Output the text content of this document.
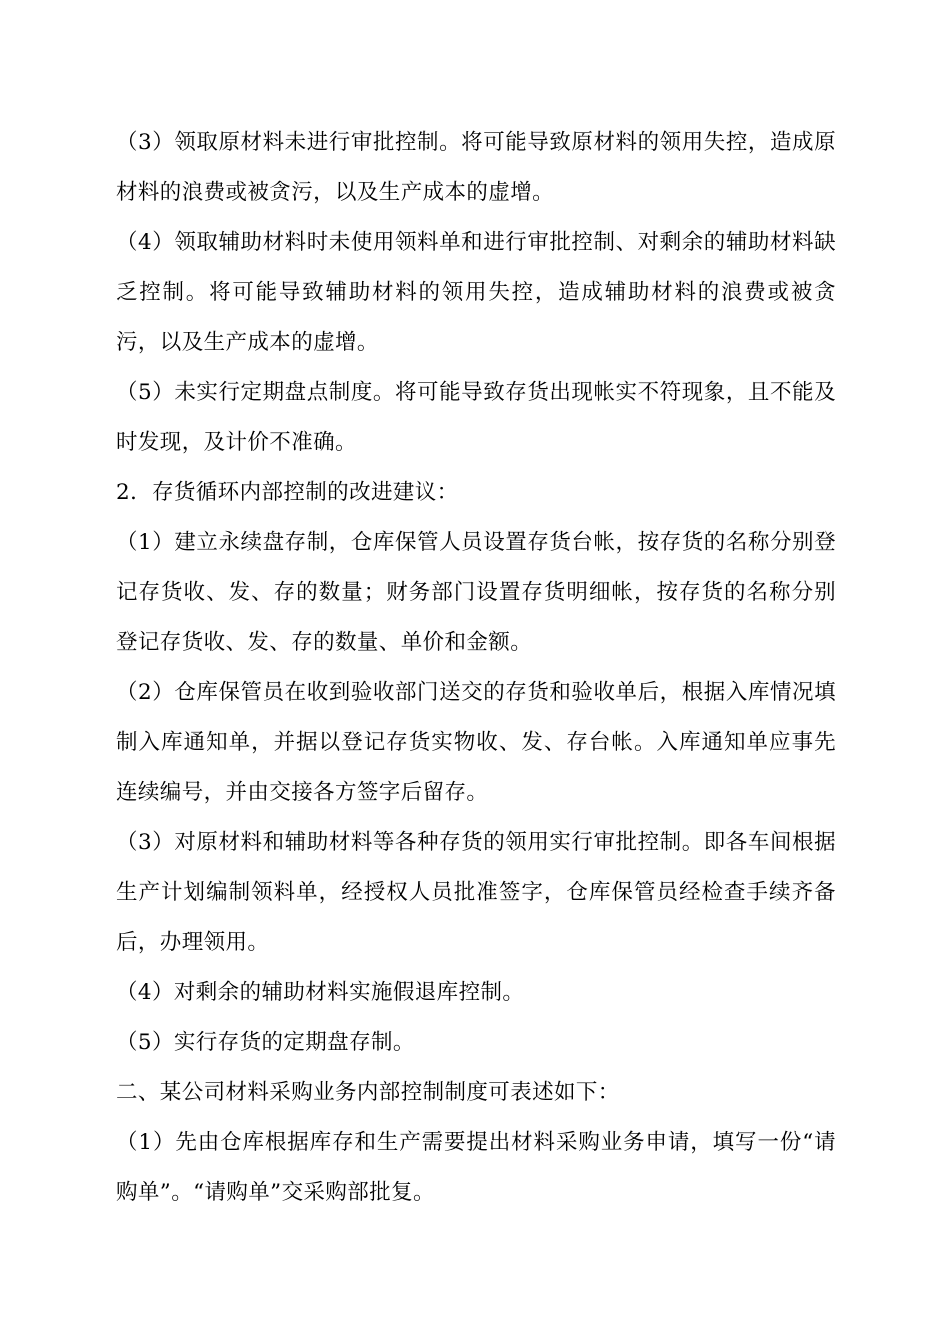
（3）领取原材料未进行审批控制。将可能导致原材料的领用失控，造成原材料的浪费或被贪污，以及生产成本的虚增。

（4）领取辅助材料时未使用领料单和进行审批控制、对剩余的辅助材料缺乏控制。将可能导致辅助材料的领用失控，造成辅助材料的浪费或被贪污，以及生产成本的虚增。

（5）未实行定期盘点制度。将可能导致存货出现帐实不符现象，且不能及时发现，及计价不准确。

2．存货循环内部控制的改进建议：

（1）建立永续盘存制，仓库保管人员设置存货台帐，按存货的名称分别登记存货收、发、存的数量；财务部门设置存货明细帐，按存货的名称分别登记存货收、发、存的数量、单价和金额。

（2）仓库保管员在收到验收部门送交的存货和验收单后，根据入库情况填制入库通知单，并据以登记存货实物收、发、存台帐。入库通知单应事先连续编号，并由交接各方签字后留存。

（3）对原材料和辅助材料等各种存货的领用实行审批控制。即各车间根据生产计划编制领料单，经授权人员批准签字，仓库保管员经检查手续齐备后，办理领用。

（4）对剩余的辅助材料实施假退库控制。

（5）实行存货的定期盘存制。

二、某公司材料采购业务内部控制制度可表述如下：

（1）先由仓库根据库存和生产需要提出材料采购业务申请，填写一份“请购单”。“请购单”交采购部批复。
